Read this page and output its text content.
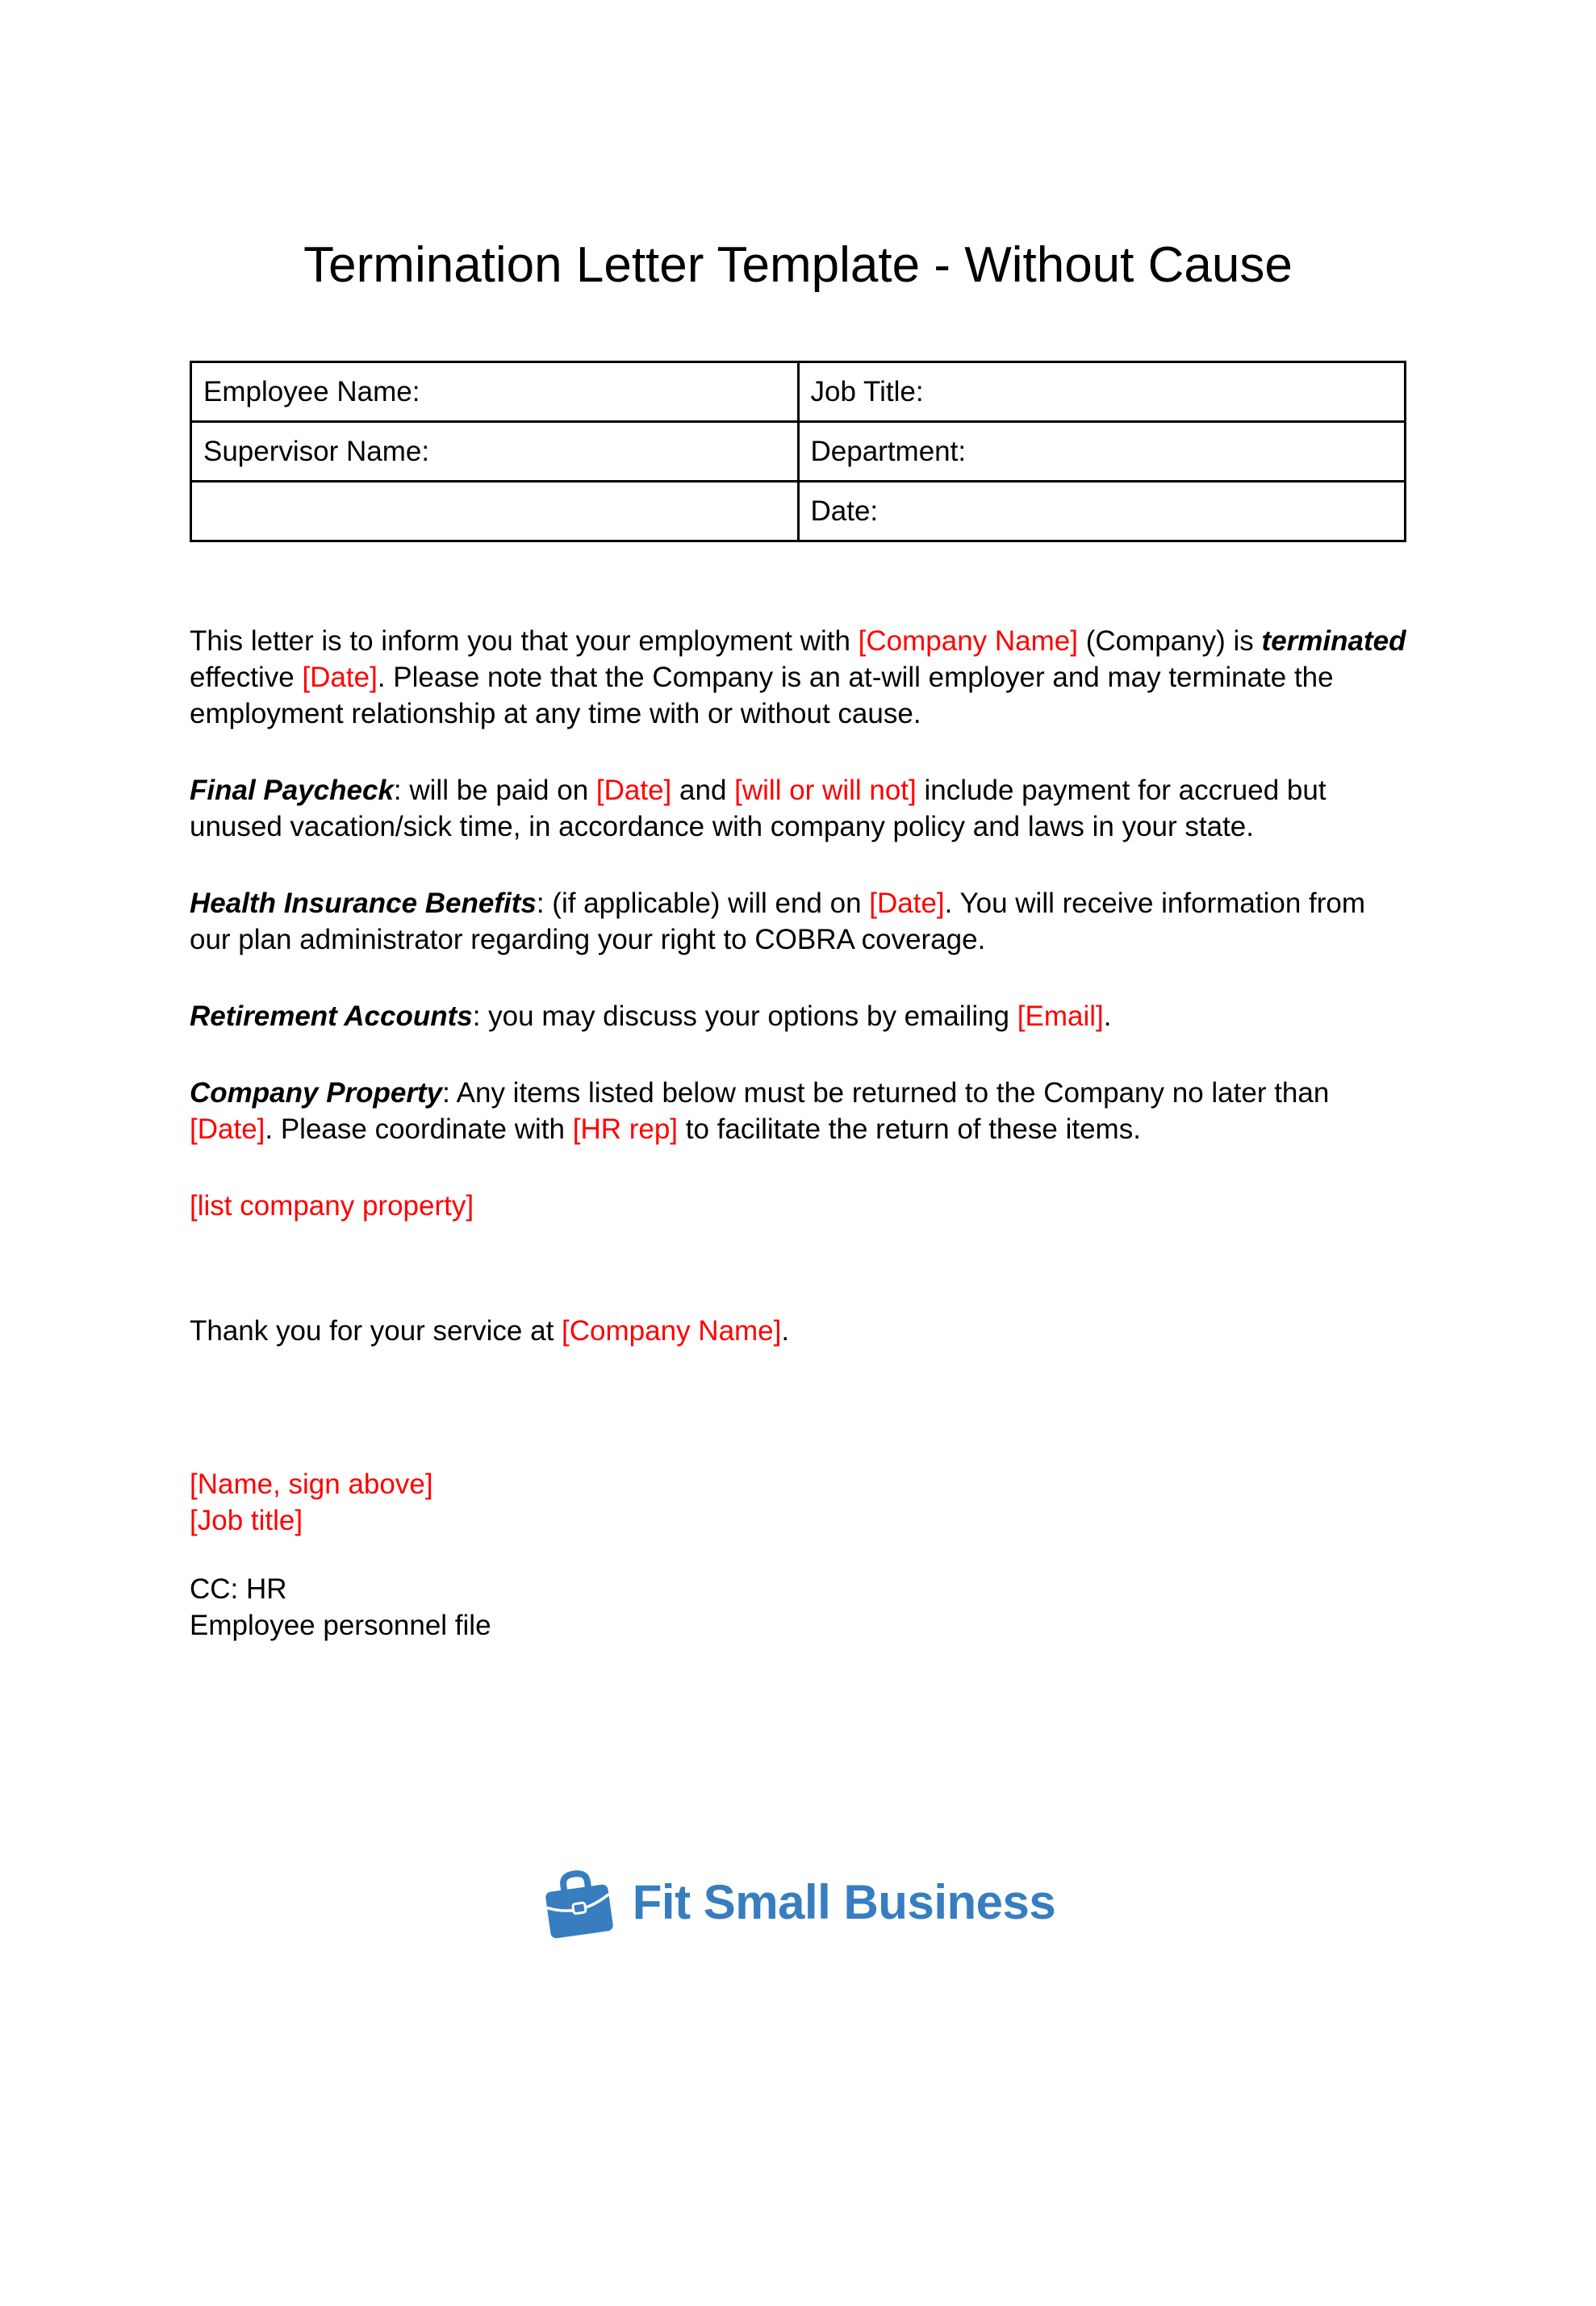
Termination Letter Template - Without Cause
Employee Name:	Job Title:
Supervisor Name:	Department:
	Date:

This letter is to inform you that your employment with [Company Name] (Company) is terminated effective [Date]. Please note that the Company is an at-will employer and may terminate the employment relationship at any time with or without cause.

Final Paycheck: will be paid on [Date] and [will or will not] include payment for accrued but unused vacation/sick time, in accordance with company policy and laws in your state.

Health Insurance Benefits: (if applicable) will end on [Date]. You will receive information from our plan administrator regarding your right to COBRA coverage.

Retirement Accounts: you may discuss your options by emailing [Email].

Company Property: Any items listed below must be returned to the Company no later than [Date]. Please coordinate with [HR rep] to facilitate the return of these items.

[list company property]

Thank you for your service at [Company Name].

[Name, sign above]
[Job title]
CC: HR
Employee personnel file
Fit Small Business
